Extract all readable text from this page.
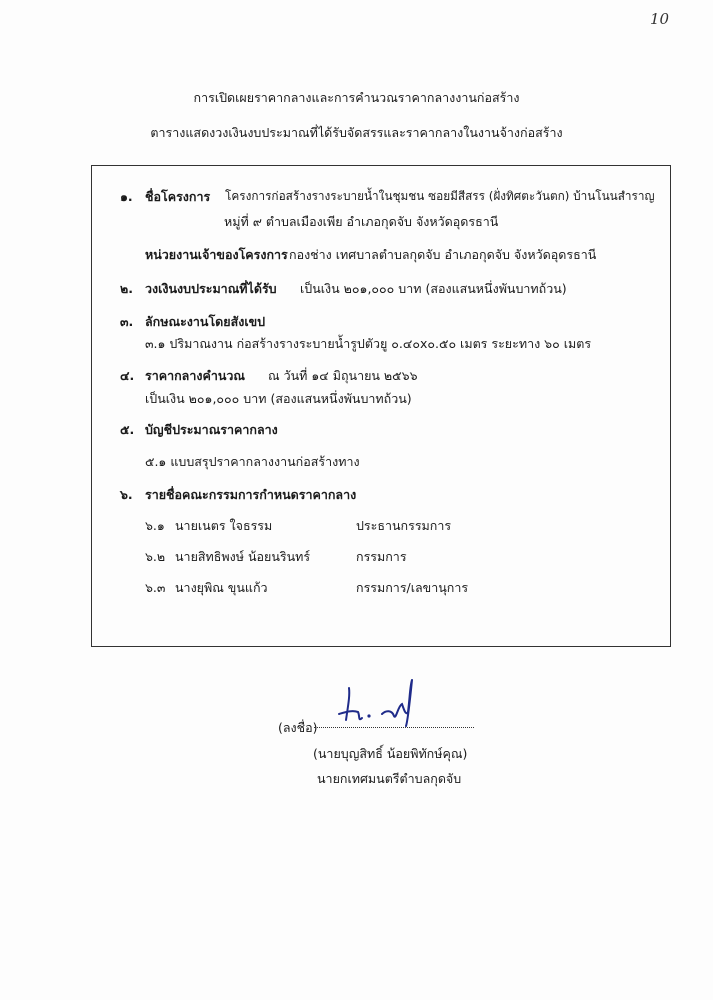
10
การเปิดเผยราคากลางและการคำนวณราคากลางงานก่อสร้าง
ตารางแสดงวงเงินงบประมาณที่ได้รับจัดสรรและราคากลางในงานจ้างก่อสร้าง
๑. ชื่อโครงการ โครงการก่อสร้างรางระบายน้ำในชุมชน ซอยมีสีสรร (ฝั่งทิศตะวันตก) บ้านโนนสำราญ
หมู่ที่ ๙ ตำบลเมืองเพีย อำเภอกุดจับ จังหวัดอุดรธานี
หน่วยงานเจ้าของโครงการ กองช่าง เทศบาลตำบลกุดจับ อำเภอกุดจับ จังหวัดอุดรธานี
๒. วงเงินงบประมาณที่ได้รับ เป็นเงิน ๒๐๑,๐๐๐ บาท (สองแสนหนึ่งพันบาทถ้วน)
๓. ลักษณะงานโดยสังเขป
๓.๑ ปริมาณงาน ก่อสร้างรางระบายน้ำรูปตัวยู ๐.๔๐x๐.๕๐ เมตร ระยะทาง ๖๐ เมตร
๔. ราคากลางคำนวณ ณ วันที่ ๑๔ มิถุนายน ๒๕๖๖
เป็นเงิน ๒๐๑,๐๐๐ บาท (สองแสนหนึ่งพันบาทถ้วน)
๕. บัญชีประมาณราคากลาง
๕.๑ แบบสรุปราคากลางงานก่อสร้างทาง
๖. รายชื่อคณะกรรมการกำหนดราคากลาง
๖.๑ นายเนตร ใจธรรม	ประธานกรรมการ
๖.๒ นายสิทธิพงษ์ น้อยนรินทร์	กรรมการ
๖.๓ นางยุพิณ ขุนแก้ว	กรรมการ/เลขานุการ
(ลงชื่อ)
(นายบุญสิทธิ์ น้อยพิทักษ์คุณ)
นายกเทศมนตรีตำบลกุดจับ
